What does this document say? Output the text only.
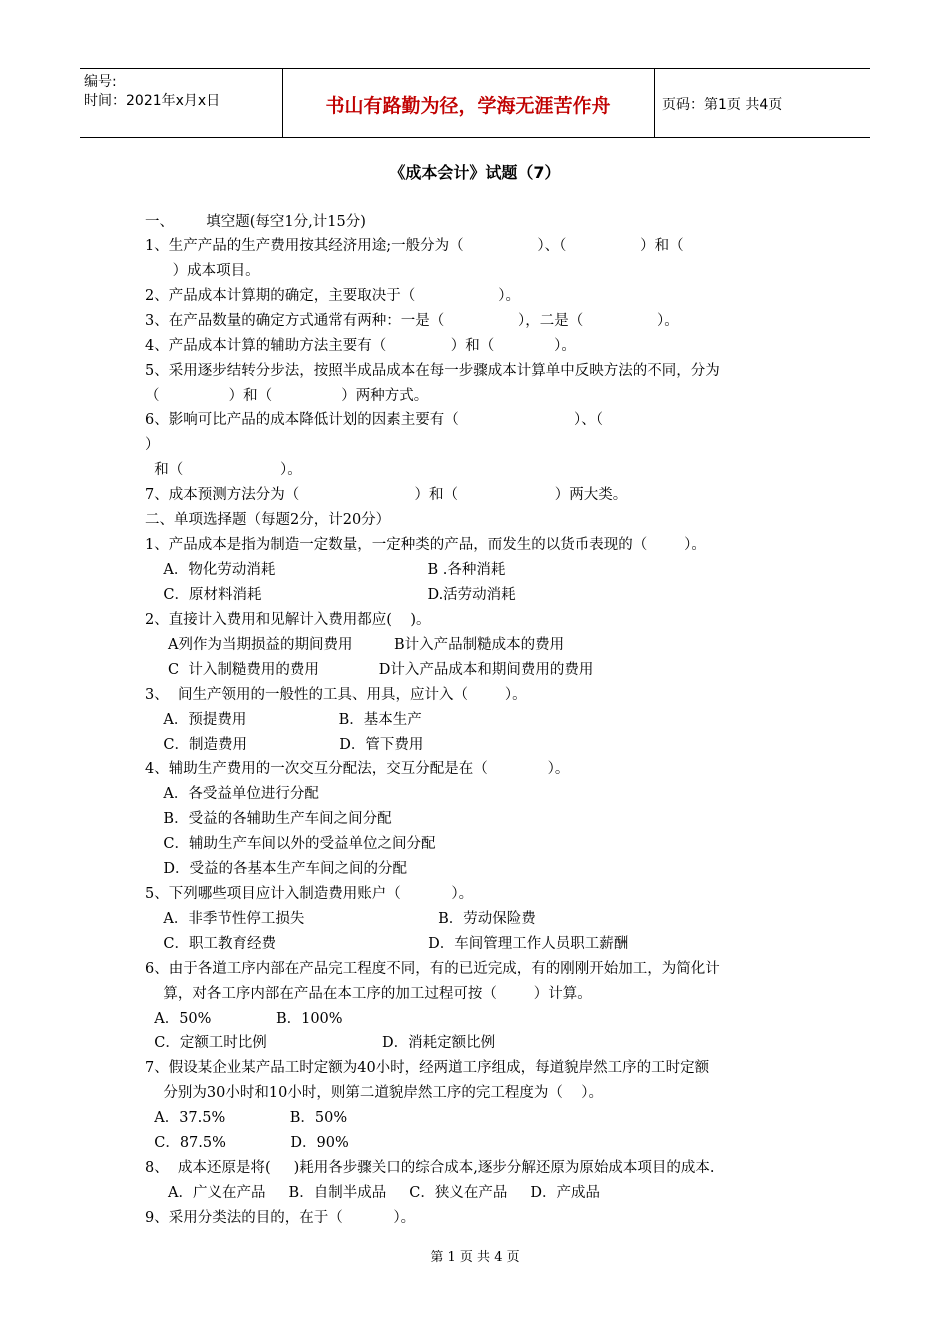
编号:
时间：2021年x月x日	书山有路勤为径，学海无涯苦作舟	页码：第1页 共4页
《成本会计》试题（7）
一、       填空题(每空1分,计15分)
1、生产产品的生产费用按其经济用途;一般分为（                ）、（                ）和（
）成本项目。
2、产品成本计算期的确定，主要取决于（                  ）。
3、在产品数量的确定方式通常有两种：一是（                ），二是（                ）。
4、产品成本计算的辅助方法主要有（              ）和（             ）。
5、采用逐步结转分步法，按照半成品成本在每一步骤成本计算单中反映方法的不同，分为
（               ）和（               ）两种方式。
6、影响可比产品的成本降低计划的因素主要有（                         ）、（
）
和（                     ）。
7、成本预测方法分为（                         ）和（                     ）两大类。
二、单项选择题（每题2分，计20分）
1、产品成本是指为制造一定数量，一定种类的产品，而发生的以货币表现的（        ）。
A．物化劳动消耗                                 B .各种消耗
C．原材料消耗                                    D.活劳动消耗
2、直接计入费用和见解计入费用都应(    )。
A列作为当期损益的期间费用         B计入产品制糙成本的费用
C  计入制糙费用的费用             D计入产品成本和期间费用的费用
3、  间生产领用的一般性的工具、用具，应计入（        ）。
A．预提费用                    B．基本生产
C．制造费用                    D．管下费用
4、辅助生产费用的一次交互分配法，交互分配是在（             ）。
A．各受益单位进行分配
B．受益的各辅助生产车间之间分配
C．辅助生产车间以外的受益单位之间分配
D．受益的各基本生产车间之间的分配
5、下列哪些项目应计入制造费用账户（           ）。
A．非季节性停工损失                             B．劳动保险费
C．职工教育经费                                 D．车间管理工作人员职工薪酬
6、由于各道工序内部在产品完工程度不同，有的已近完成，有的刚刚开始加工，为简化计
算，对各工序内部在产品在本工序的加工过程可按（        ）计算。
A．50%              B．100%
C．定额工时比例                         D．消耗定额比例
7、假设某企业某产品工时定额为40小时，经两道工序组成，每道貌岸然工序的工时定额
分别为30小时和10小时，则第二道貌岸然工序的完工程度为（    ）。
A．37.5%              B．50%
C．87.5%              D．90%
8、  成本还原是将(     )耗用各步骤关口的综合成本,逐步分解还原为原始成本项目的成本.
A．广义在产品     B．自制半成品     C．狭义在产品     D．产成品
9、采用分类法的目的，在于（           ）。
第 1 页 共 4 页
